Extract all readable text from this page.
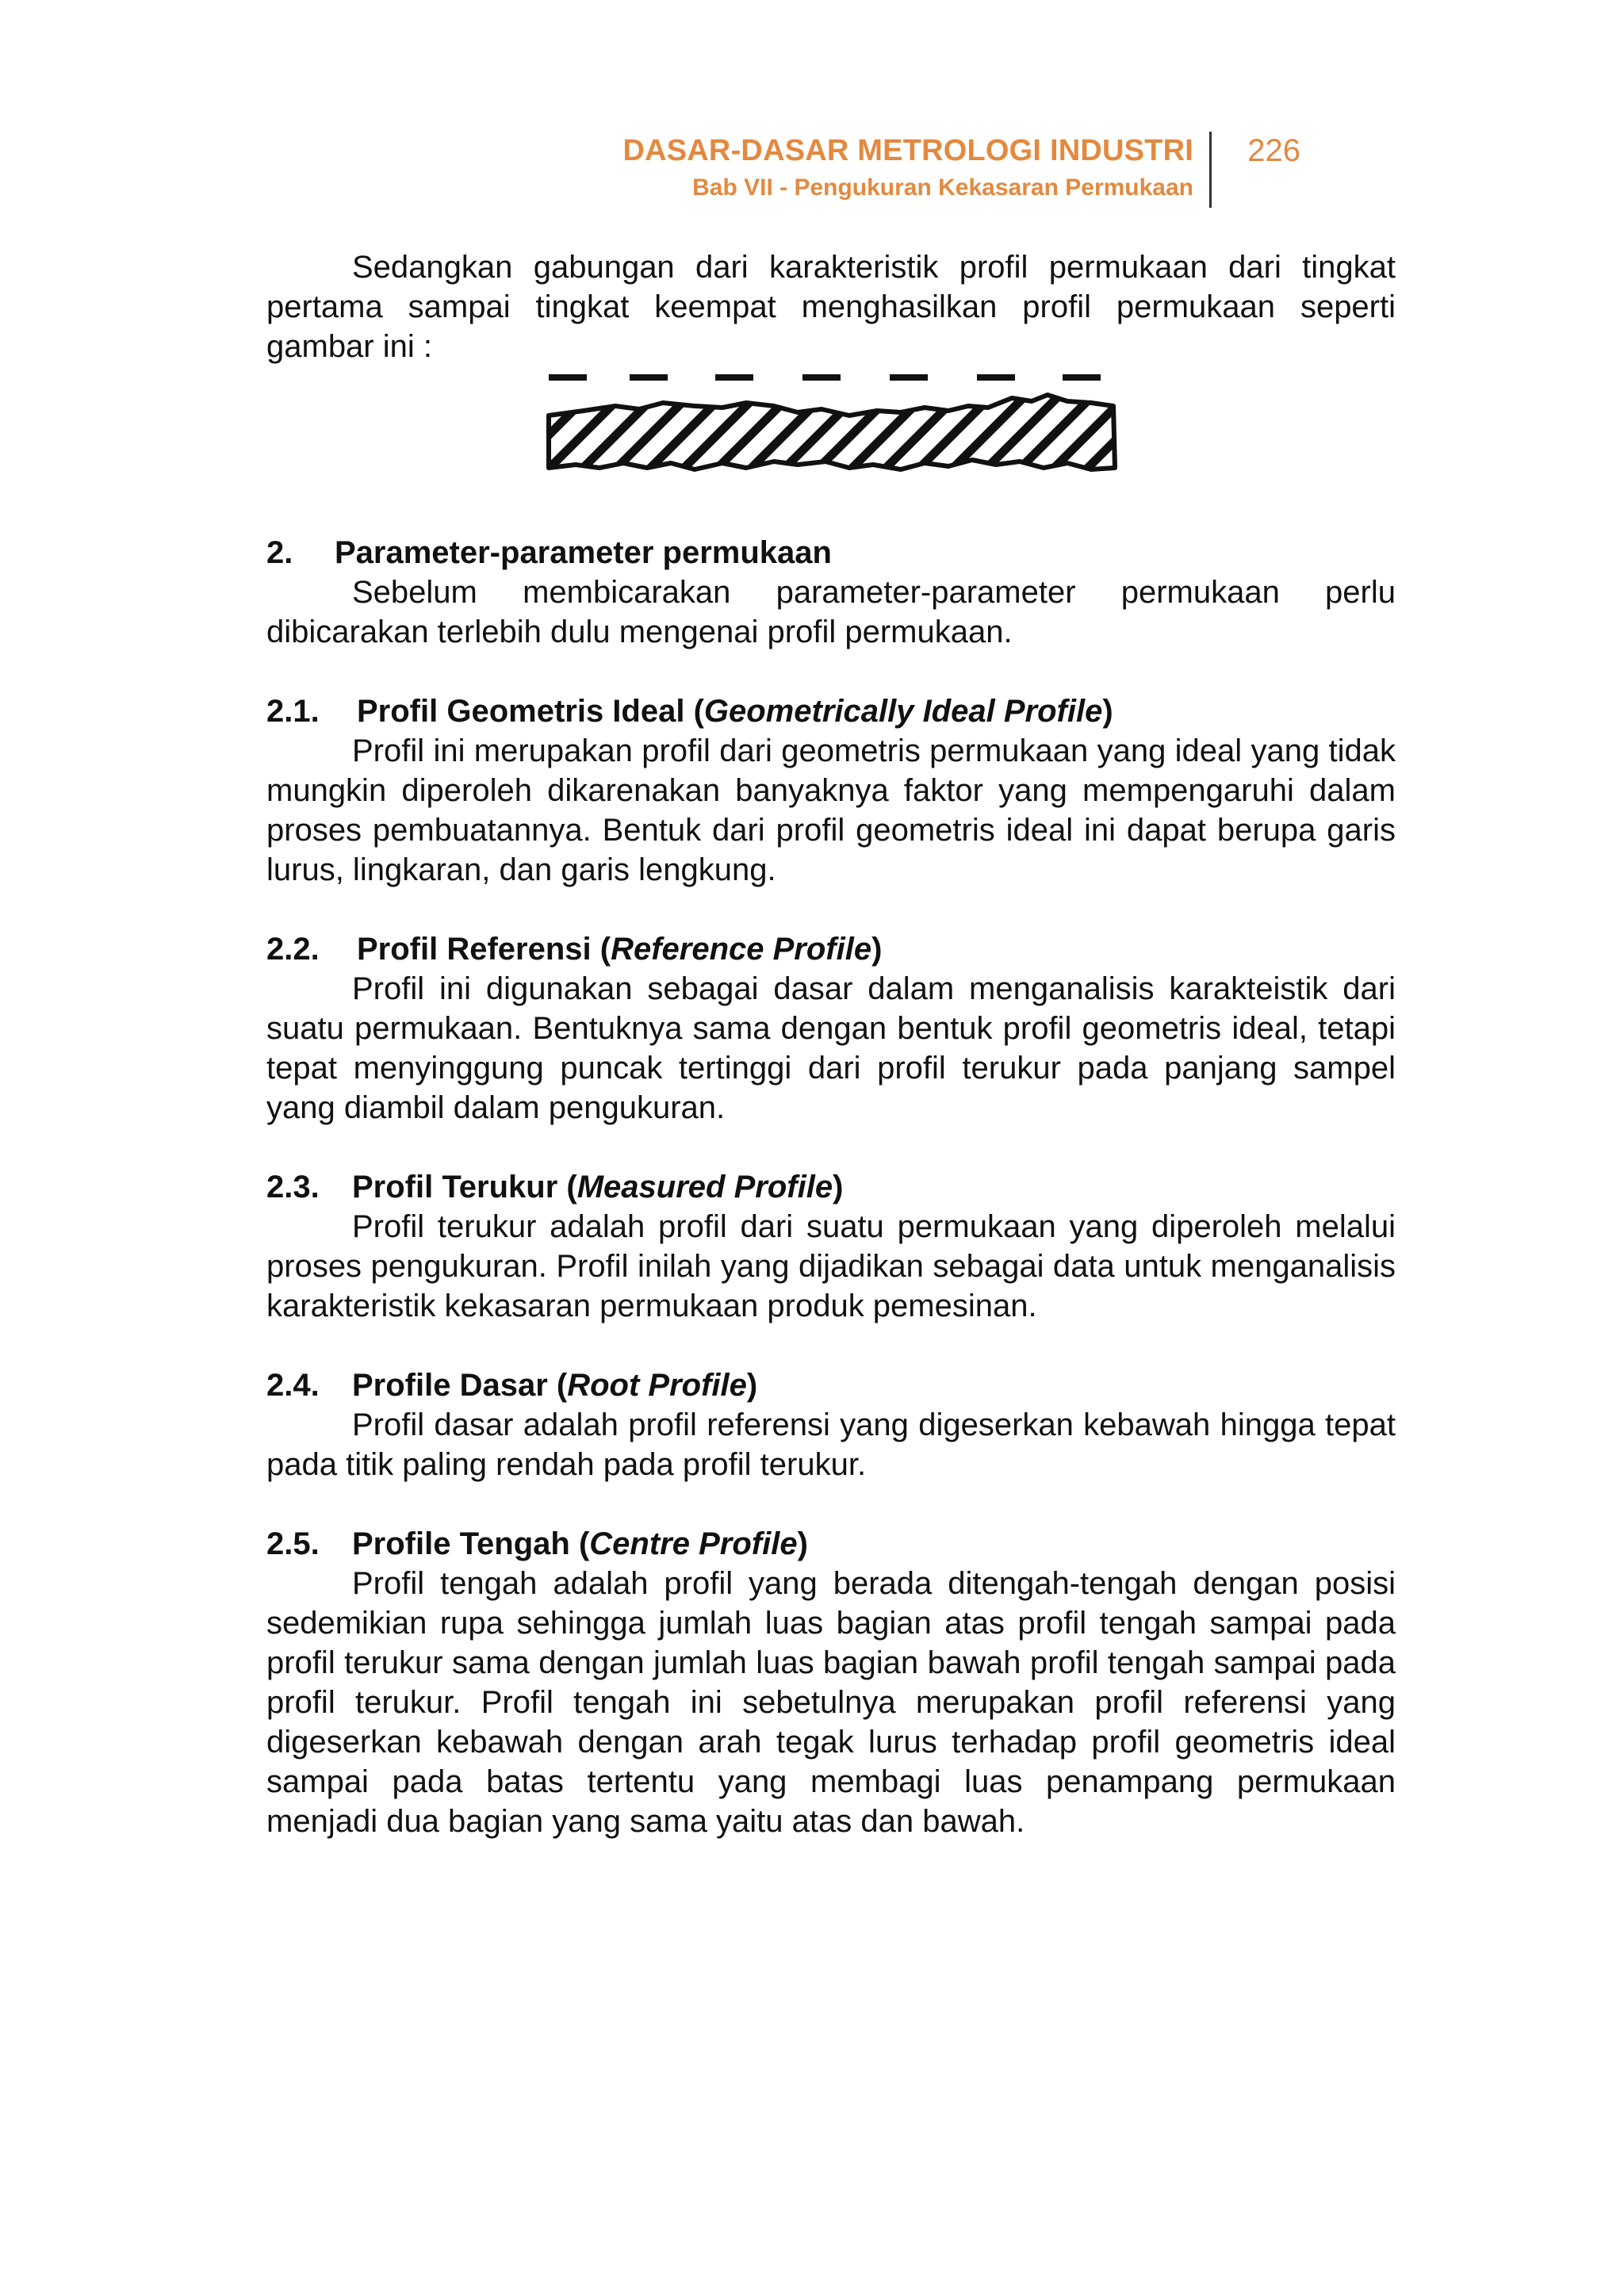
DASAR-DASAR METROLOGI INDUSTRI
Bab VII - Pengukuran Kekasaran Permukaan
226

Sedangkan gabungan dari karakteristik profil permukaan dari tingkat pertama sampai tingkat keempat menghasilkan profil permukaan seperti gambar ini :

2. Parameter-parameter permukaan

Sebelum membicarakan parameter-parameter permukaan perlu dibicarakan terlebih dulu mengenai profil permukaan.

2.1. Profil Geometris Ideal (Geometrically Ideal Profile)

Profil ini merupakan profil dari geometris permukaan yang ideal yang tidak mungkin diperoleh dikarenakan banyaknya faktor yang mempengaruhi dalam proses pembuatannya. Bentuk dari profil geometris ideal ini dapat berupa garis lurus, lingkaran, dan garis lengkung.

2.2. Profil Referensi (Reference Profile)

Profil ini digunakan sebagai dasar dalam menganalisis karakteistik dari suatu permukaan. Bentuknya sama dengan bentuk profil geometris ideal, tetapi tepat menyinggung puncak tertinggi dari profil terukur pada panjang sampel yang diambil dalam pengukuran.

2.3. Profil Terukur (Measured Profile)

Profil terukur adalah profil dari suatu permukaan yang diperoleh melalui proses pengukuran. Profil inilah yang dijadikan sebagai data untuk menganalisis karakteristik kekasaran permukaan produk pemesinan.

2.4. Profile Dasar (Root Profile)

Profil dasar adalah profil referensi yang digeserkan kebawah hingga tepat pada titik paling rendah pada profil terukur.

2.5. Profile Tengah (Centre Profile)

Profil tengah adalah profil yang berada ditengah-tengah dengan posisi sedemikian rupa sehingga jumlah luas bagian atas profil tengah sampai pada profil terukur sama dengan jumlah luas bagian bawah profil tengah sampai pada profil terukur. Profil tengah ini sebetulnya merupakan profil referensi yang digeserkan kebawah dengan arah tegak lurus terhadap profil geometris ideal sampai pada batas tertentu yang membagi luas penampang permukaan menjadi dua bagian yang sama yaitu atas dan bawah.
